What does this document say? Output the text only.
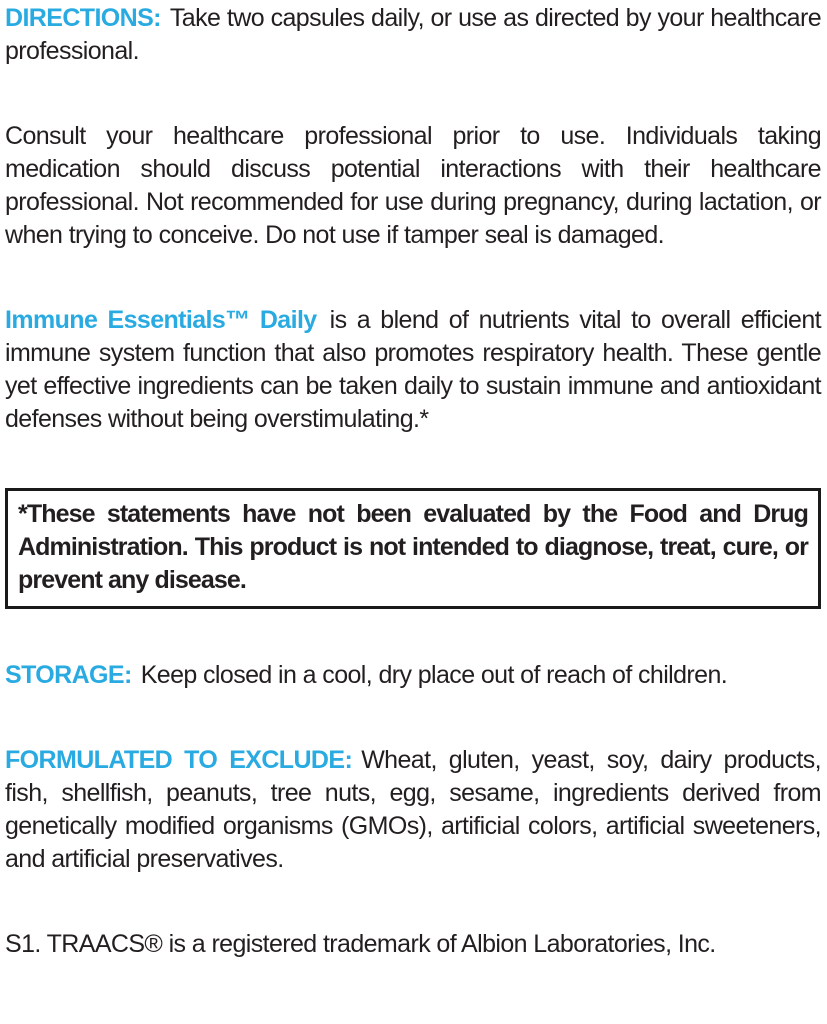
DIRECTIONS: Take two capsules daily, or use as directed by your healthcare professional.

Consult your healthcare professional prior to use. Individuals taking medication should discuss potential interactions with their healthcare professional. Not recommended for use during pregnancy, during lactation, or when trying to conceive. Do not use if tamper seal is damaged.

Immune Essentials™ Daily is a blend of nutrients vital to overall efficient immune system function that also promotes respiratory health. These gentle yet effective ingredients can be taken daily to sustain immune and antioxidant defenses without being overstimulating.*

*These statements have not been evaluated by the Food and Drug Administration. This product is not intended to diagnose, treat, cure, or prevent any disease.

STORAGE: Keep closed in a cool, dry place out of reach of children.

FORMULATED TO EXCLUDE: Wheat, gluten, yeast, soy, dairy products, fish, shellfish, peanuts, tree nuts, egg, sesame, ingredients derived from genetically modified organisms (GMOs), artificial colors, artificial sweeteners, and artificial preservatives.

S1. TRAACS® is a registered trademark of Albion Laboratories, Inc.
